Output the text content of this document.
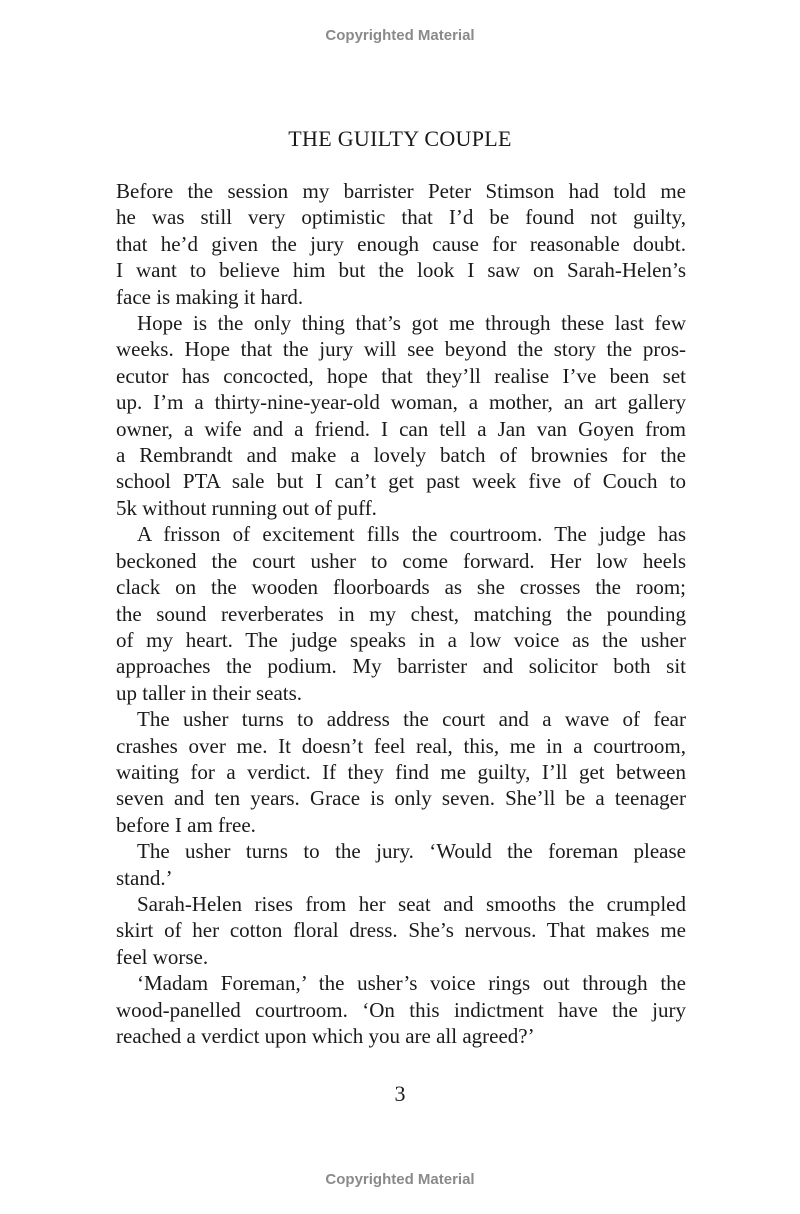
Copyrighted Material
THE GUILTY COUPLE

Before the session my barrister Peter Stimson had told me
he was still very optimistic that I’d be found not guilty,
that he’d given the jury enough cause for reasonable doubt.
I want to believe him but the look I saw on Sarah-Helen’s
face is making it hard.

Hope is the only thing that’s got me through these last few
weeks. Hope that the jury will see beyond the story the pros-
ecutor has concocted, hope that they’ll realise I’ve been set
up. I’m a thirty-nine-year-old woman, a mother, an art gallery
owner, a wife and a friend. I can tell a Jan van Goyen from
a Rembrandt and make a lovely batch of brownies for the
school PTA sale but I can’t get past week five of Couch to
5k without running out of puff.

A frisson of excitement fills the courtroom. The judge has
beckoned the court usher to come forward. Her low heels
clack on the wooden floorboards as she crosses the room;
the sound reverberates in my chest, matching the pounding
of my heart. The judge speaks in a low voice as the usher
approaches the podium. My barrister and solicitor both sit
up taller in their seats.

The usher turns to address the court and a wave of fear
crashes over me. It doesn’t feel real, this, me in a courtroom,
waiting for a verdict. If they find me guilty, I’ll get between
seven and ten years. Grace is only seven. She’ll be a teenager
before I am free.

The usher turns to the jury. ‘Would the foreman please
stand.’

Sarah-Helen rises from her seat and smooths the crumpled
skirt of her cotton floral dress. She’s nervous. That makes me
feel worse.

‘Madam Foreman,’ the usher’s voice rings out through the
wood-panelled courtroom. ‘On this indictment have the jury
reached a verdict upon which you are all agreed?’

3
Copyrighted Material
